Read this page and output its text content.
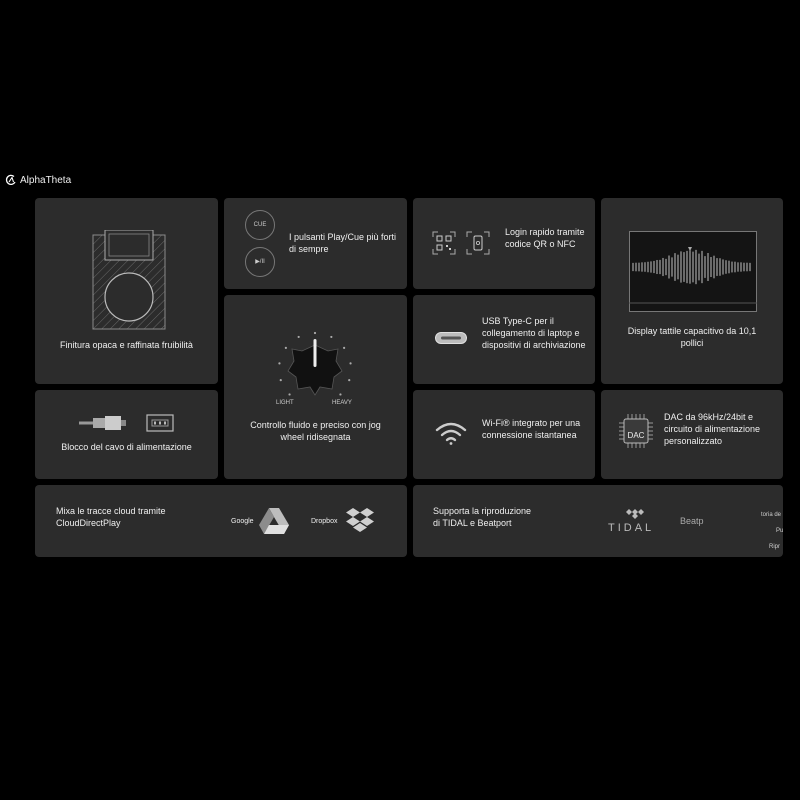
AlphaTheta
Finitura opaca e raffinata fruibilità
CUE
▶/II
I pulsanti Play/Cue più forti di sempre
Login rapido tramite codice QR o NFC
Display tattile capacitivo da 10,1 pollici
USB Type-C per il collegamento di laptop e dispositivi di archiviazione
LIGHT	HEAVY
Controllo fluido e preciso con jog wheel ridisegnata
Blocco del cavo di alimentazione
Wi-Fi® integrato per una connessione istantanea	DAC
DAC da 96kHz/24bit e circuito di alimentazione personalizzato
Mixa le tracce cloud tramite CloudDirectPlay	Google	Dropbox
Supporta la riproduzione di TIDAL e Beatport	TIDAL
Beatp
toria de
Pu
Ripr
